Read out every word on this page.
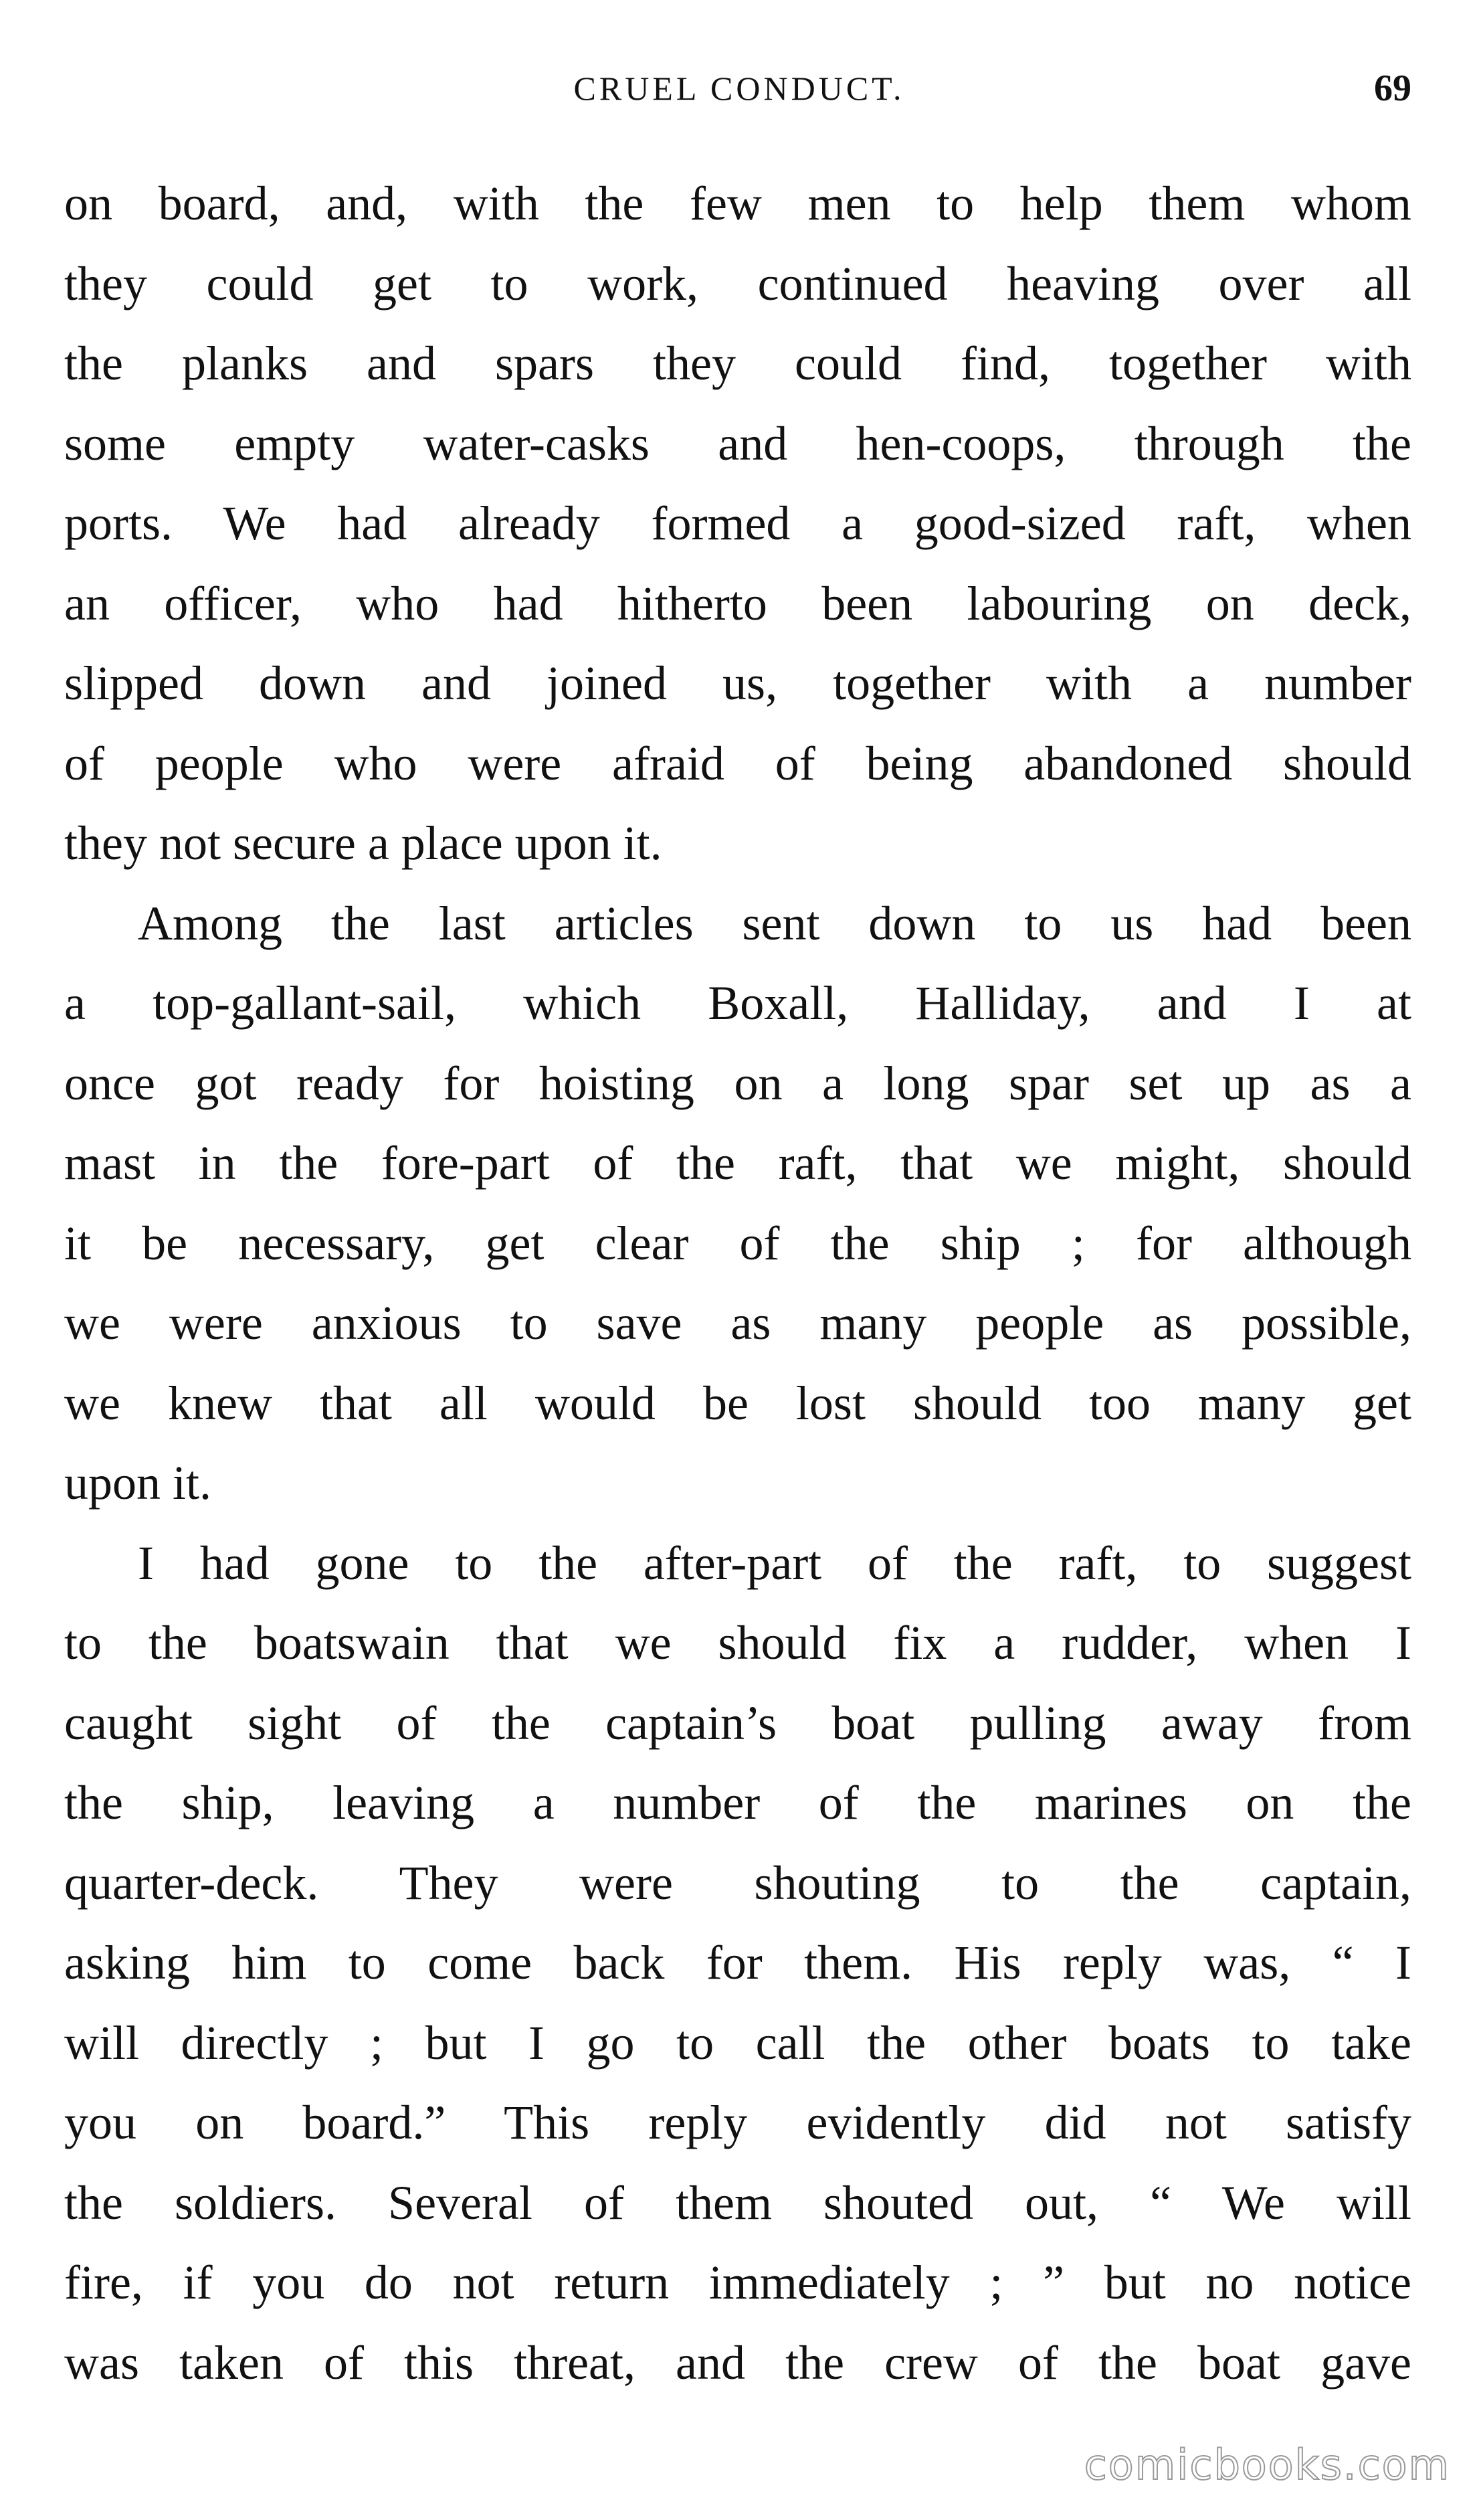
CRUEL CONDUCT.	69
on board, and, with the few men to help them whom
they could get to work, continued heaving over all
the planks and spars they could find, together with
some empty water-casks and hen-coops, through the
ports. We had already formed a good-sized raft, when
an officer, who had hitherto been labouring on deck,
slipped down and joined us, together with a number
of people who were afraid of being abandoned should
they not secure a place upon it.
Among the last articles sent down to us had been
a top-gallant-sail, which Boxall, Halliday, and I at
once got ready for hoisting on a long spar set up as a
mast in the fore-part of the raft, that we might, should
it be necessary, get clear of the ship ; for although
we were anxious to save as many people as possible,
we knew that all would be lost should too many get
upon it.
I had gone to the after-part of the raft, to suggest
to the boatswain that we should fix a rudder, when I
caught sight of the captain’s boat pulling away from
the ship, leaving a number of the marines on the
quarter-deck. They were shouting to the captain,
asking him to come back for them. His reply was, “ I
will directly ; but I go to call the other boats to take
you on board.” This reply evidently did not satisfy
the soldiers. Several of them shouted out, “ We will
fire, if you do not return immediately ; ” but no notice
was taken of this threat, and the crew of the boat gave
comicbooks.com
